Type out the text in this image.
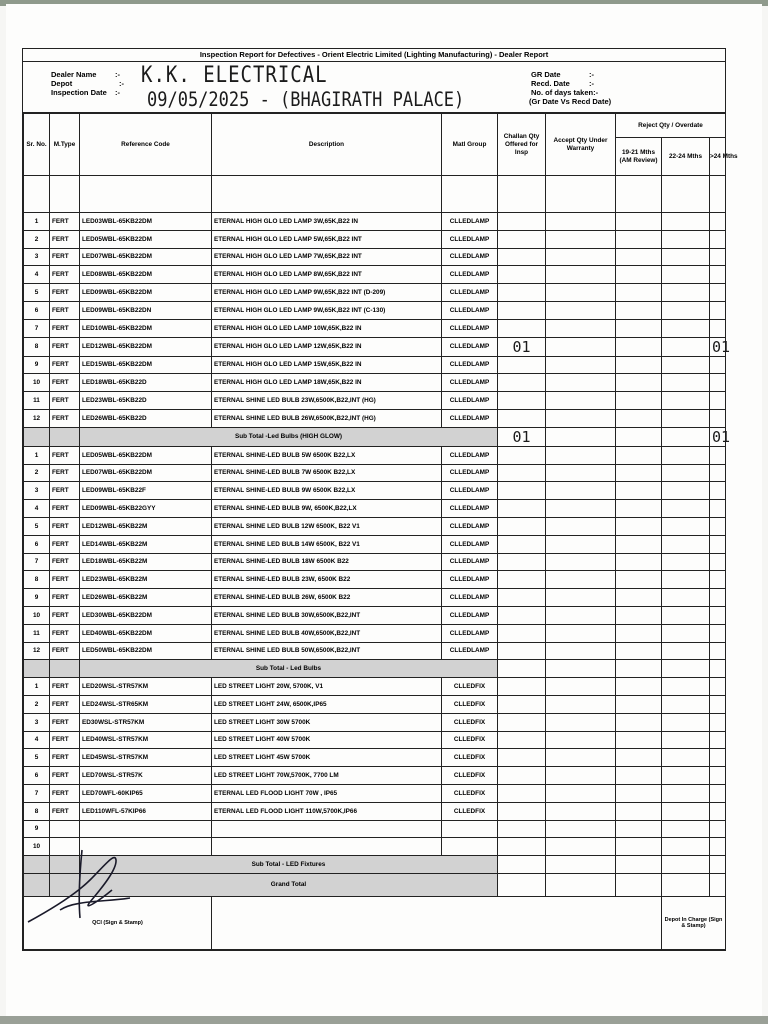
Inspection Report for Defectives - Orient Electric Limited (Lighting Manufacturing) - Dealer Report
Dealer Name :-
Depot	:-
Inspection Date :-
K.K. ELECTRICAL
09/05/2025 - (BHAGIRATH PALACE)
GR Date	:-
Recd. Date	:-
No. of days taken:-
(Gr Date Vs Recd Date)
Sr. No.	M.Type	Reference Code	Description	Matl Group	Challan Qty Offered for Insp	Accept Qty Under Warranty	Reject Qty / Overdate		
							19-21 Mths (AM Review)	22-24 Mths	>24 Mths

1	FERT	LED03WBL-65KB22DM	ETERNAL HIGH GLO LED LAMP 3W,65K,B22 IN	CLLEDLAMP					
2	FERT	LED05WBL-65KB22DM	ETERNAL HIGH GLO LED LAMP 5W,65K,B22 INT	CLLEDLAMP					
3	FERT	LED07WBL-65KB22DM	ETERNAL HIGH GLO LED LAMP 7W,65K,B22 INT	CLLEDLAMP					
4	FERT	LED08WBL-65KB22DM	ETERNAL HIGH GLO LED LAMP 8W,65K,B22 INT	CLLEDLAMP					
5	FERT	LED09WBL-65KB22DM	ETERNAL HIGH GLO LED LAMP 9W,65K,B22 INT (D-209)	CLLEDLAMP					
6	FERT	LED09WBL-65KB22DN	ETERNAL HIGH GLO LED LAMP 9W,65K,B22 INT (C-130)	CLLEDLAMP					
7	FERT	LED10WBL-65KB22DM	ETERNAL HIGH GLO LED LAMP 10W,65K,B22 IN	CLLEDLAMP					
8	FERT	LED12WBL-65KB22DM	ETERNAL HIGH GLO LED LAMP 12W,65K,B22 IN	CLLEDLAMP	01				01
9	FERT	LED15WBL-65KB22DM	ETERNAL HIGH GLO LED LAMP 15W,65K,B22 IN	CLLEDLAMP					
10	FERT	LED18WBL-65KB22D	ETERNAL HIGH GLO LED LAMP 18W,65K,B22 IN	CLLEDLAMP					
11	FERT	LED23WBL-65KB22D	ETERNAL SHINE LED BULB 23W,6500K,B22,INT (HG)	CLLEDLAMP					
12	FERT	LED26WBL-65KB22D	ETERNAL SHINE LED BULB 26W,6500K,B22,INT (HG)	CLLEDLAMP					
		Sub Total -Led Bulbs (HIGH GLOW)			01				01
1	FERT	LED05WBL-65KB22DM	ETERNAL SHINE-LED BULB 5W 6500K B22,LX	CLLEDLAMP					
2	FERT	LED07WBL-65KB22DM	ETERNAL SHINE-LED BULB 7W 6500K B22,LX	CLLEDLAMP					
3	FERT	LED09WBL-65KB22F	ETERNAL SHINE-LED BULB 9W 6500K B22,LX	CLLEDLAMP					
4	FERT	LED09WBL-65KB22GYY	ETERNAL SHINE-LED BULB 9W, 6500K,B22,LX	CLLEDLAMP					
5	FERT	LED12WBL-65KB22M	ETERNAL SHINE LED BULB 12W 6500K, B22 V1	CLLEDLAMP					
6	FERT	LED14WBL-65KB22M	ETERNAL SHINE LED BULB 14W 6500K, B22 V1	CLLEDLAMP					
7	FERT	LED18WBL-65KB22M	ETERNAL SHINE-LED BULB 18W 6500K B22	CLLEDLAMP					
8	FERT	LED23WBL-65KB22M	ETERNAL SHINE-LED BULB 23W, 6500K B22	CLLEDLAMP					
9	FERT	LED26WBL-65KB22M	ETERNAL SHINE-LED BULB 26W, 6500K B22	CLLEDLAMP					
10	FERT	LED30WBL-65KB22DM	ETERNAL SHINE LED BULB 30W,6500K,B22,INT	CLLEDLAMP					
11	FERT	LED40WBL-65KB22DM	ETERNAL SHINE LED BULB 40W,6500K,B22,INT	CLLEDLAMP					
12	FERT	LED50WBL-65KB22DM	ETERNAL SHINE LED BULB 50W,6500K,B22,INT	CLLEDLAMP					
		Sub Total - Led Bulbs							
1	FERT	LED20WSL-STR57KM	LED STREET LIGHT 20W, 5700K, V1	CLLEDFIX					
2	FERT	LED24WSL-STR65KM	LED STREET LIGHT 24W, 6500K,IP65	CLLEDFIX					
3	FERT	ED30WSL-STR57KM	LED STREET LIGHT 30W 5700K	CLLEDFIX					
4	FERT	LED40WSL-STR57KM	LED STREET LIGHT 40W 5700K	CLLEDFIX					
5	FERT	LED45WSL-STR57KM	LED STREET LIGHT 45W 5700K	CLLEDFIX					
6	FERT	LED70WSL-STR57K	LED STREET LIGHT 70W,5700K, 7700 LM	CLLEDFIX					
7	FERT	LED70WFL-60KIP65	ETERNAL LED FLOOD LIGHT 70W , IP65	CLLEDFIX					
8	FERT	LED110WFL-57KIP66	ETERNAL LED FLOOD LIGHT 110W,5700K,IP66	CLLEDFIX					
9									
10									
		Sub Total - LED Fixtures							
		Grand Total							
QCI (Sign & Stamp)								Depot In Charge (Sign & Stamp)	
